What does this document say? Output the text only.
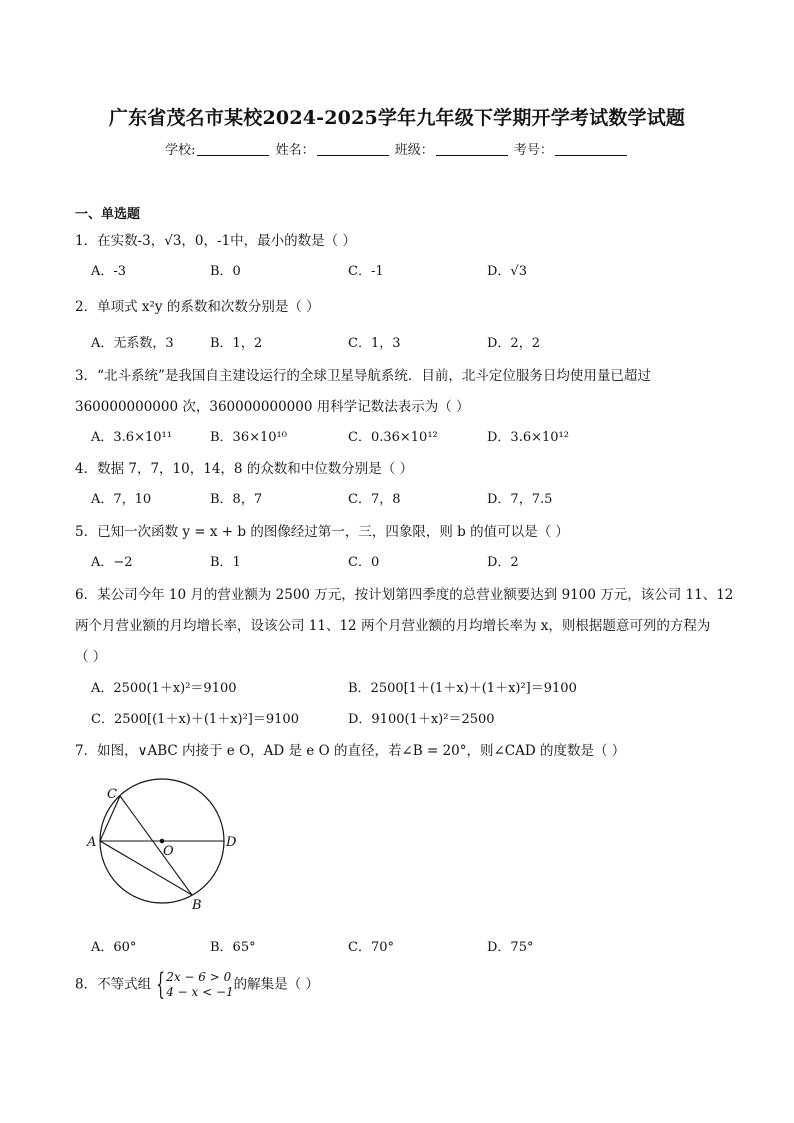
广东省茂名市某校2024-2025学年九年级下学期开学考试数学试题
学校:	姓名：	班级：	考号：
一、单选题
1．在实数-3，√3，0，-1中，最小的数是（ ）
A．-3	B．0	C．-1	D．√3
2．单项式 x²y 的系数和次数分别是（ ）
A．无系数，3	B．1，2	C．1，3	D．2，2
3．“北斗系统”是我国自主建设运行的全球卫星导航系统．目前，北斗定位服务日均使用量已超过
360000000000 次，360000000000 用科学记数法表示为（ ）
A．3.6×10¹¹	B．36×10¹⁰	C．0.36×10¹²	D．3.6×10¹²
4．数据 7，7，10，14，8 的众数和中位数分别是（ ）
A．7，10	B．8，7	C．7，8	D．7，7.5
5．已知一次函数 y = x + b 的图像经过第一，三，四象限，则 b 的值可以是（ ）
A．−2	B．1	C．0	D．2
6．某公司今年 10 月的营业额为 2500 万元，按计划第四季度的总营业额要达到 9100 万元，该公司 11、12
两个月营业额的月均增长率，设该公司 11、12 两个月营业额的月均增长率为 x，则根据题意可列的方程为
（ ）
A．2500(1＋x)²＝9100	B．2500[1＋(1＋x)＋(1＋x)²]＝9100
C．2500[(1＋x)＋(1＋x)²]＝9100	D．9100(1＋x)²＝2500
7．如图，∨ABC 内接于 e O，AD 是 e O 的直径，若∠B = 20°，则∠CAD 的度数是（ ）
A
C
D
O
B
A．60°	B．65°	C．70°	D．75°
8．不等式组 { 2x − 6 > 0
4 − x < −1 的解集是（ ）
